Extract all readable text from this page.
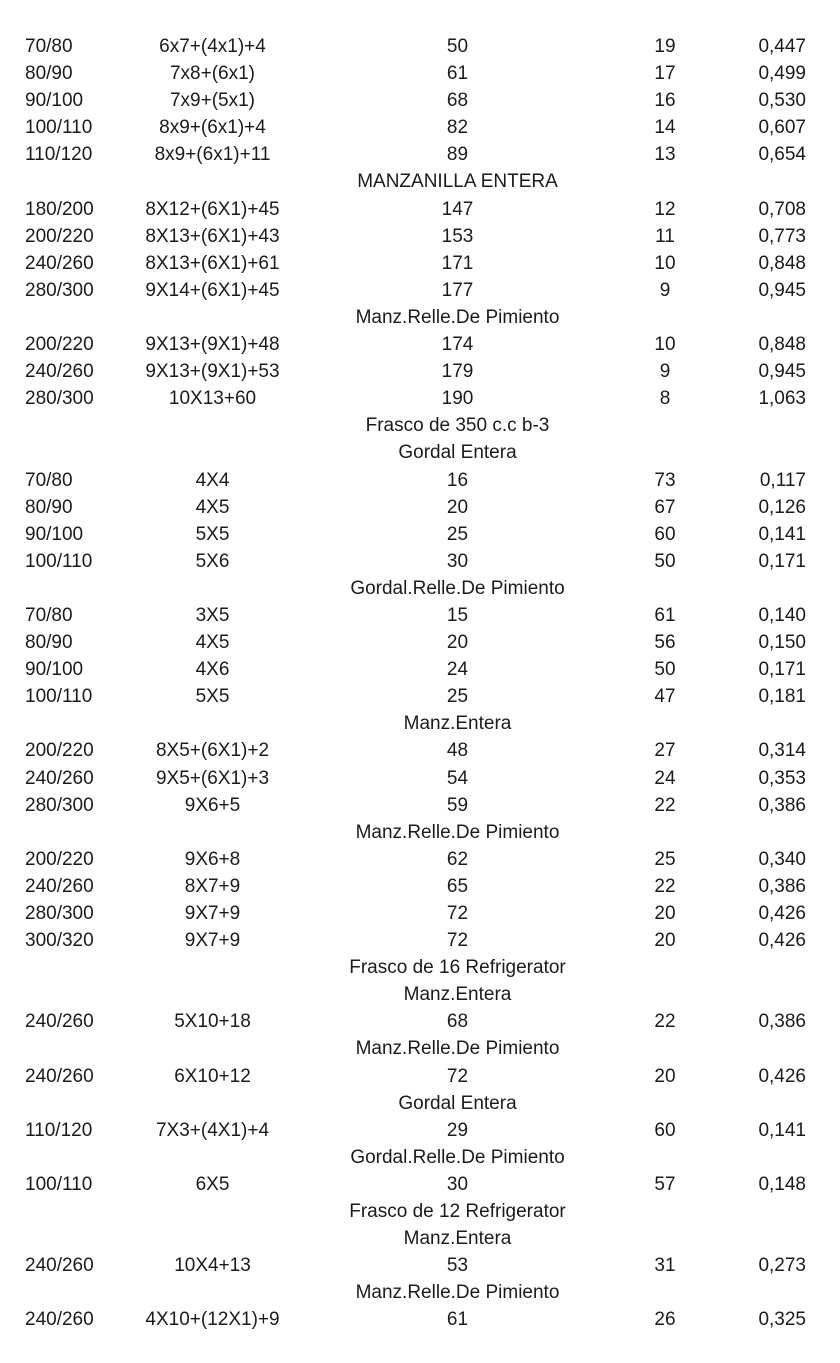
70/80	6x7+(4x1)+4	50	19	0,447
80/90	7x8+(6x1)	61	17	0,499
90/100	7x9+(5x1)	68	16	0,530
100/110	8x9+(6x1)+4	82	14	0,607
110/120	8x9+(6x1)+11	89	13	0,654
MANZANILLA ENTERA
180/200	8X12+(6X1)+45	147	12	0,708
200/220	8X13+(6X1)+43	153	11	0,773
240/260	8X13+(6X1)+61	171	10	0,848
280/300	9X14+(6X1)+45	177	9	0,945
Manz.Relle.De Pimiento
200/220	9X13+(9X1)+48	174	10	0,848
240/260	9X13+(9X1)+53	179	9	0,945
280/300	10X13+60	190	8	1,063
Frasco de 350 c.c b-3
Gordal Entera
70/80	4X4	16	73	0,117
80/90	4X5	20	67	0,126
90/100	5X5	25	60	0,141
100/110	5X6	30	50	0,171
Gordal.Relle.De Pimiento
70/80	3X5	15	61	0,140
80/90	4X5	20	56	0,150
90/100	4X6	24	50	0,171
100/110	5X5	25	47	0,181
Manz.Entera
200/220	8X5+(6X1)+2	48	27	0,314
240/260	9X5+(6X1)+3	54	24	0,353
280/300	9X6+5	59	22	0,386
Manz.Relle.De Pimiento
200/220	9X6+8	62	25	0,340
240/260	8X7+9	65	22	0,386
280/300	9X7+9	72	20	0,426
300/320	9X7+9	72	20	0,426
Frasco de 16 Refrigerator
Manz.Entera
240/260	5X10+18	68	22	0,386
Manz.Relle.De Pimiento
240/260	6X10+12	72	20	0,426
Gordal Entera
110/120	7X3+(4X1)+4	29	60	0,141
Gordal.Relle.De Pimiento
100/110	6X5	30	57	0,148
Frasco de 12 Refrigerator
Manz.Entera
240/260	10X4+13	53	31	0,273
Manz.Relle.De Pimiento
240/260	4X10+(12X1)+9	61	26	0,325
